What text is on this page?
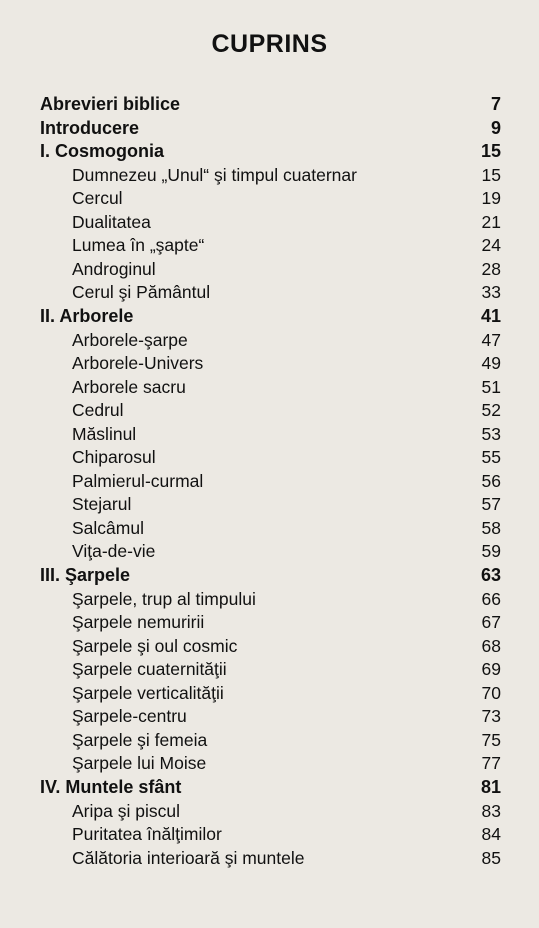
CUPRINS
Abrevieri biblice	7
Introducere	9
I. Cosmogonia	15
Dumnezeu „Unul“ şi timpul cuaternar	15
Cercul	19
Dualitatea	21
Lumea în „şapte“	24
Androginul	28
Cerul şi Pământul	33
II. Arborele	41
Arborele-şarpe	47
Arborele-Univers	49
Arborele sacru	51
Cedrul	52
Măslinul	53
Chiparosul	55
Palmierul-curmal	56
Stejarul	57
Salcâmul	58
Viţa-de-vie	59
III. Şarpele	63
Şarpele, trup al timpului	66
Şarpele nemuririi	67
Şarpele şi oul cosmic	68
Şarpele cuaternităţii	69
Şarpele verticalităţii	70
Şarpele-centru	73
Şarpele şi femeia	75
Şarpele lui Moise	77
IV. Muntele sfânt	81
Aripa şi piscul	83
Puritatea înălţimilor	84
Călătoria interioară şi muntele	85
